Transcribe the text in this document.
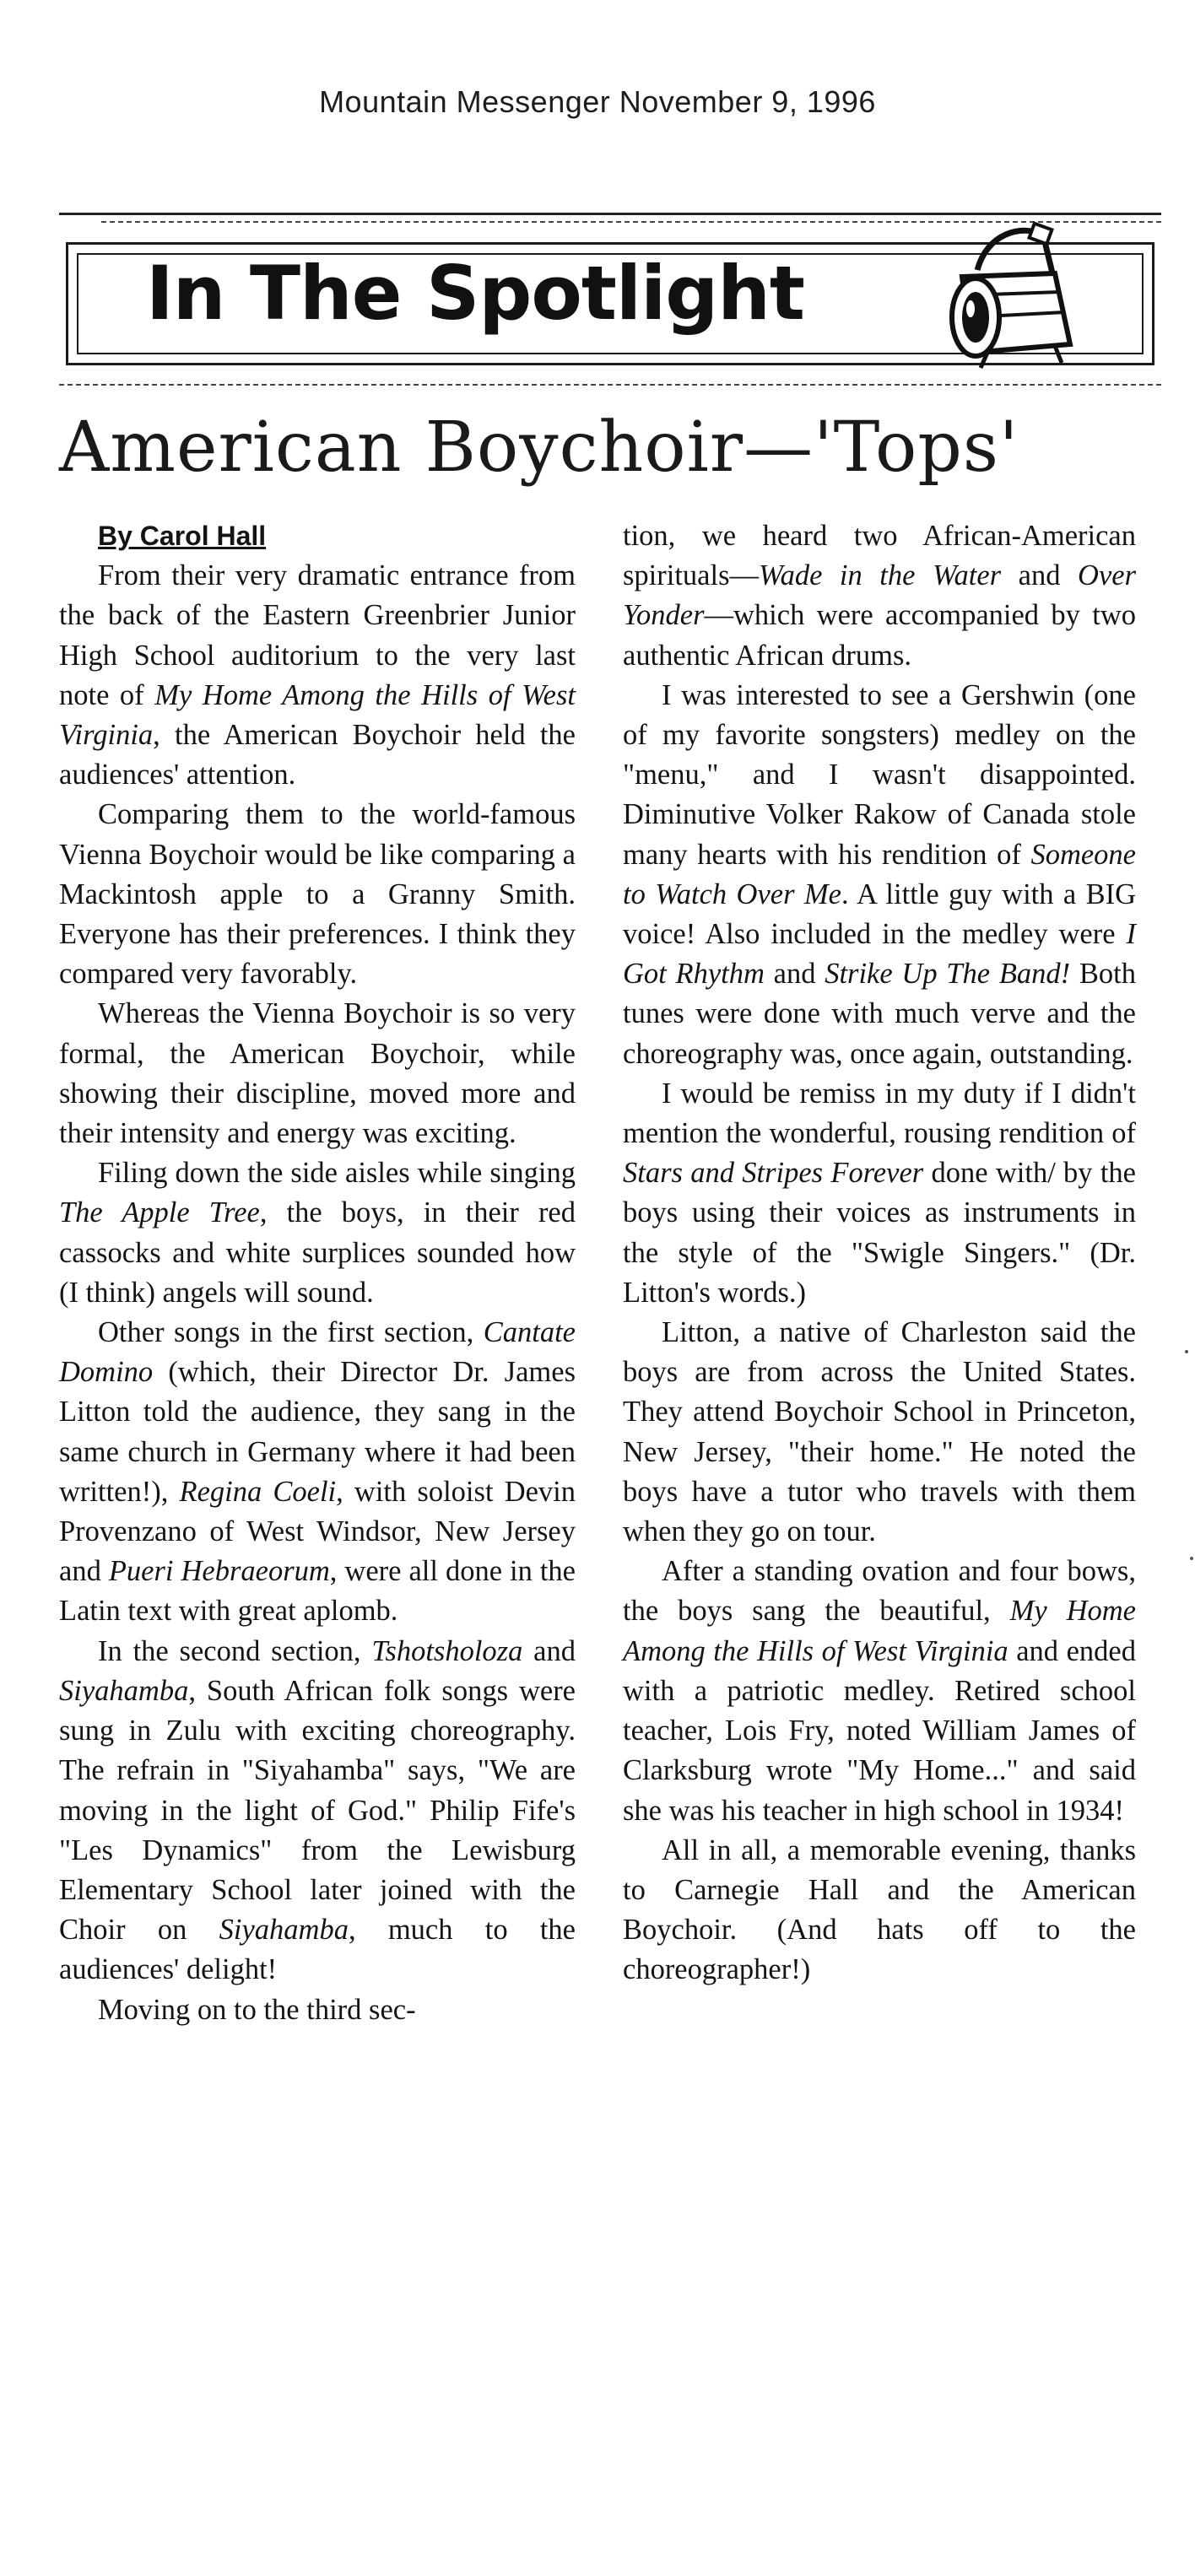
Mountain Messenger November 9, 1996
In The Spotlight
American Boychoir—'Tops'
By Carol Hall

From their very dramatic entrance from the back of the Eastern Greenbrier Junior High School auditorium to the very last note of My Home Among the Hills of West Virginia, the American Boychoir held the audiences' attention.

Comparing them to the world-famous Vienna Boychoir would be like comparing a Mackintosh apple to a Granny Smith. Everyone has their preferences. I think they compared very favorably.

Whereas the Vienna Boychoir is so very formal, the American Boychoir, while showing their discipline, moved more and their intensity and energy was exciting.

Filing down the side aisles while singing The Apple Tree, the boys, in their red cassocks and white surplices sounded how (I think) angels will sound.

Other songs in the first section, Cantate Domino (which, their Director Dr. James Litton told the audience, they sang in the same church in Germany where it had been written!), Regina Coeli, with soloist Devin Provenzano of West Windsor, New Jersey and Pueri Hebraeorum, were all done in the Latin text with great aplomb.

In the second section, Tshotsholoza and Siyahamba, South African folk songs were sung in Zulu with exciting choreography. The refrain in "Siyahamba" says, "We are moving in the light of God." Philip Fife's "Les Dynamics" from the Lewisburg Elementary School later joined with the Choir on Siyahamba, much to the audiences' delight!

Moving on to the third sec-

tion, we heard two African-American spirituals—Wade in the Water and Over Yonder—which were accompanied by two authentic African drums.

I was interested to see a Gershwin (one of my favorite songsters) medley on the "menu," and I wasn't disappointed. Diminutive Volker Rakow of Canada stole many hearts with his rendition of Someone to Watch Over Me. A little guy with a BIG voice! Also included in the medley were I Got Rhythm and Strike Up The Band! Both tunes were done with much verve and the choreography was, once again, outstanding.

I would be remiss in my duty if I didn't mention the wonderful, rousing rendition of Stars and Stripes Forever done with/ by the boys using their voices as instruments in the style of the "Swigle Singers." (Dr. Litton's words.)

Litton, a native of Charleston said the boys are from across the United States. They attend Boychoir School in Princeton, New Jersey, "their home." He noted the boys have a tutor who travels with them when they go on tour.

After a standing ovation and four bows, the boys sang the beautiful, My Home Among the Hills of West Virginia and ended with a patriotic medley. Retired school teacher, Lois Fry, noted William James of Clarksburg wrote "My Home..." and said she was his teacher in high school in 1934!

All in all, a memorable evening, thanks to Carnegie Hall and the American Boychoir. (And hats off to the choreographer!)
